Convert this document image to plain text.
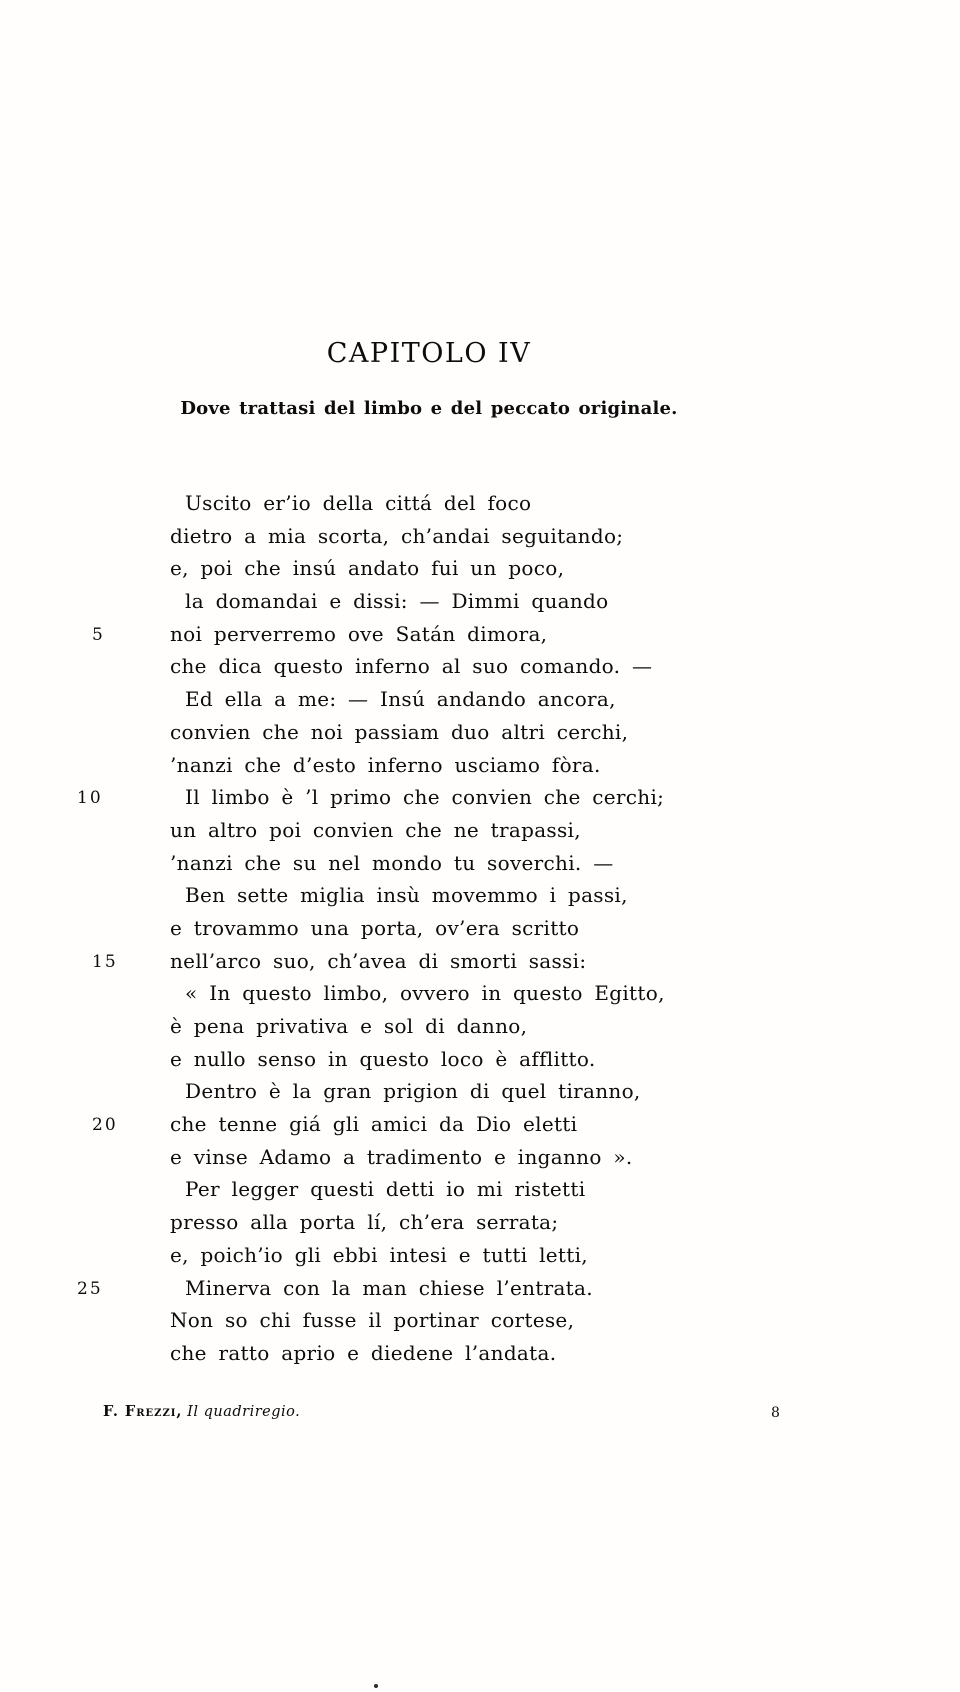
CAPITOLO IV
Dove trattasi del limbo e del peccato originale.
Uscito er’io della cittá del foco
dietro a mia scorta, ch’andai seguitando;
e, poi che insú andato fui un poco,
la domandai e dissi: — Dimmi quando
5	noi perverremo ove Satán dimora,
che dica questo inferno al suo comando. —
Ed ella a me: — Insú andando ancora,
convien che noi passiam duo altri cerchi,
’nanzi che d’esto inferno usciamo fòra.
10	Il limbo è ’l primo che convien che cerchi;
un altro poi convien che ne trapassi,
’nanzi che su nel mondo tu soverchi. —
Ben sette miglia insù movemmo i passi,
e trovammo una porta, ov’era scritto
15	nell’arco suo, ch’avea di smorti sassi:
« In questo limbo, ovvero in questo Egitto,
è pena privativa e sol di danno,
e nullo senso in questo loco è afflitto.
Dentro è la gran prigion di quel tiranno,
20	che tenne giá gli amici da Dio eletti
e vinse Adamo a tradimento e inganno ».
Per legger questi detti io mi ristetti
presso alla porta lí, ch’era serrata;
e, poich’io gli ebbi intesi e tutti letti,
25	Minerva con la man chiese l’entrata.
Non so chi fusse il portinar cortese,
che ratto aprio e diedene l’andata.
F. Frezzi, Il quadriregio.	8
